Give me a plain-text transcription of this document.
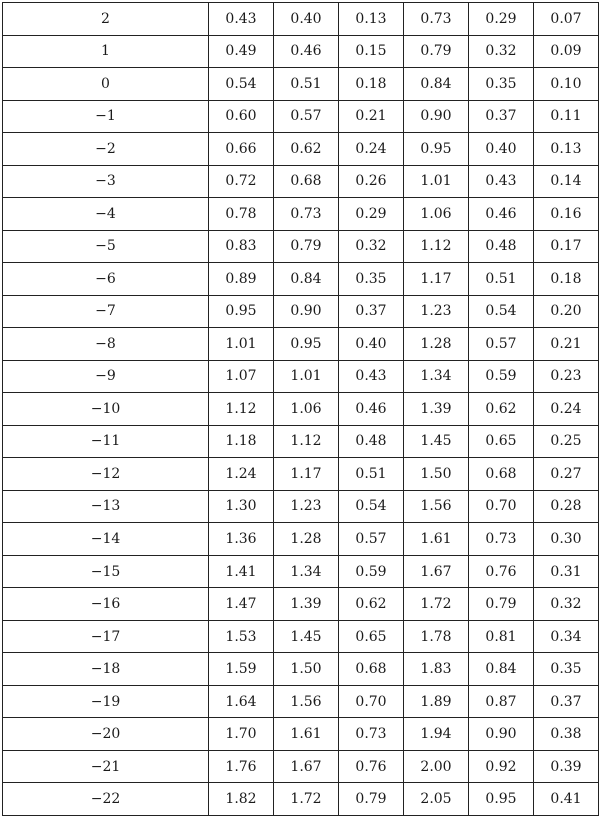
2	0.43	0.40	0.13	0.73	0.29	0.07
1	0.49	0.46	0.15	0.79	0.32	0.09
0	0.54	0.51	0.18	0.84	0.35	0.10
−1	0.60	0.57	0.21	0.90	0.37	0.11
−2	0.66	0.62	0.24	0.95	0.40	0.13
−3	0.72	0.68	0.26	1.01	0.43	0.14
−4	0.78	0.73	0.29	1.06	0.46	0.16
−5	0.83	0.79	0.32	1.12	0.48	0.17
−6	0.89	0.84	0.35	1.17	0.51	0.18
−7	0.95	0.90	0.37	1.23	0.54	0.20
−8	1.01	0.95	0.40	1.28	0.57	0.21
−9	1.07	1.01	0.43	1.34	0.59	0.23
−10	1.12	1.06	0.46	1.39	0.62	0.24
−11	1.18	1.12	0.48	1.45	0.65	0.25
−12	1.24	1.17	0.51	1.50	0.68	0.27
−13	1.30	1.23	0.54	1.56	0.70	0.28
−14	1.36	1.28	0.57	1.61	0.73	0.30
−15	1.41	1.34	0.59	1.67	0.76	0.31
−16	1.47	1.39	0.62	1.72	0.79	0.32
−17	1.53	1.45	0.65	1.78	0.81	0.34
−18	1.59	1.50	0.68	1.83	0.84	0.35
−19	1.64	1.56	0.70	1.89	0.87	0.37
−20	1.70	1.61	0.73	1.94	0.90	0.38
−21	1.76	1.67	0.76	2.00	0.92	0.39
−22	1.82	1.72	0.79	2.05	0.95	0.41
